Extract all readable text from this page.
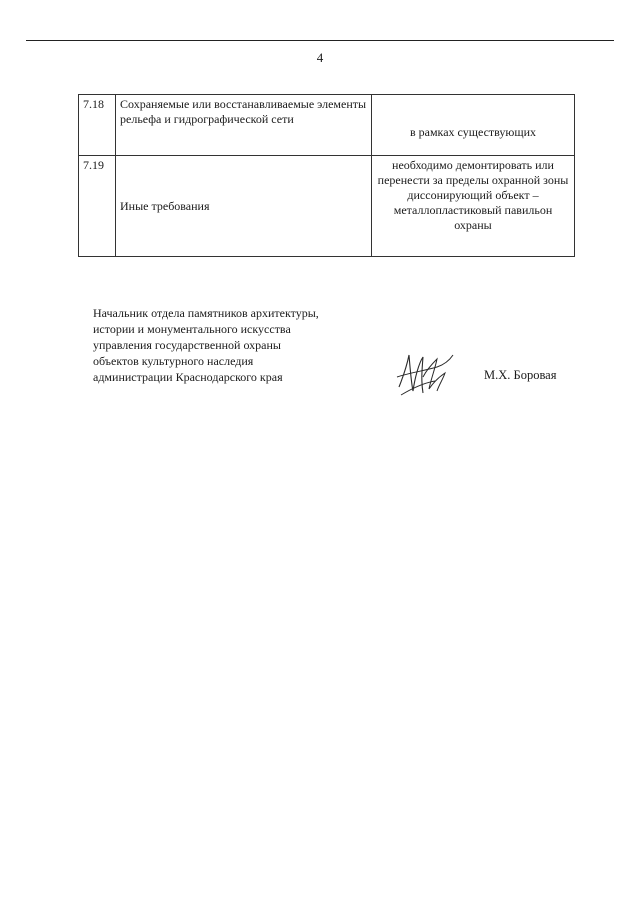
4
7.18	Сохраняемые или восстанавливаемые элементы рельефа и гидрографической сети	в рамках существующих

7.19	Иные требования	необходимо демонтировать или перенести за пределы охранной зоны диссонирующий объект – металлопластиковый павильон охраны
Начальник отдела памятников архитектуры,
истории и монументального искусства
управления государственной охраны
объектов культурного наследия
администрации Краснодарского края	М.Х. Боровая
